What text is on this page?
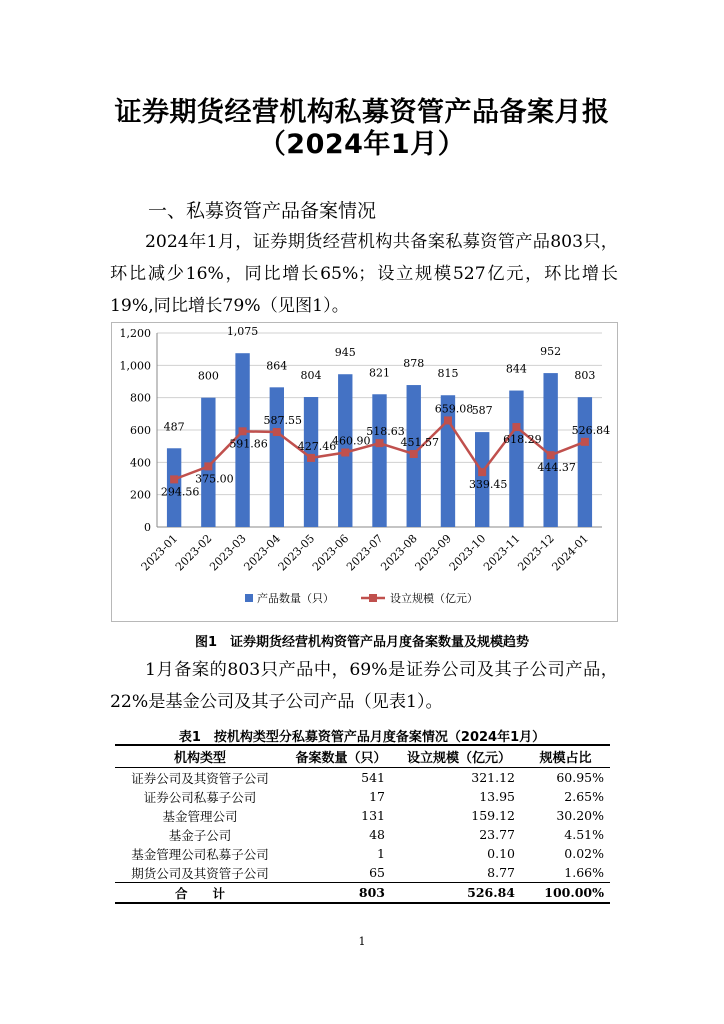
证券期货经营机构私募资管产品备案月报
（2024年1月）
一、私募资管产品备案情况
2024年1月，证券期货经营机构共备案私募资管产品803只，环比减少16%，同比增长65%；设立规模527亿元，环比增长19%,同比增长79%（见图1）。
0
200
400
600
800
1,000
1,200
2023-01
2023-02
2023-03
2023-04
2023-05
2023-06
2023-07
2023-08
2023-09
2023-10
2023-11
2023-12
2024-01
487
800
1,075
864
804
945
821
878
815
587
844
952
803
294.56
375.00
591.86
587.55
427.46
460.90
518.63
451.57
659.08
339.45
618.29
444.37
526.84
产品数量（只）	设立规模（亿元）
图1　证券期货经营机构资管产品月度备案数量及规模趋势
1月备案的803只产品中，69%是证券公司及其子公司产品，22%是基金公司及其子公司产品（见表1）。
表1　按机构类型分私募资管产品月度备案情况（2024年1月）
机构类型	备案数量（只）	设立规模（亿元）	规模占比
证券公司及其资管子公司	541	321.12	60.95%
证券公司私募子公司	17	13.95	2.65%
基金管理公司	131	159.12	30.20%
基金子公司	48	23.77	4.51%
基金管理公司私募子公司	1	0.10	0.02%
期货公司及其资管子公司	65	8.77	1.66%
合　　计	803	526.84	100.00%
1
